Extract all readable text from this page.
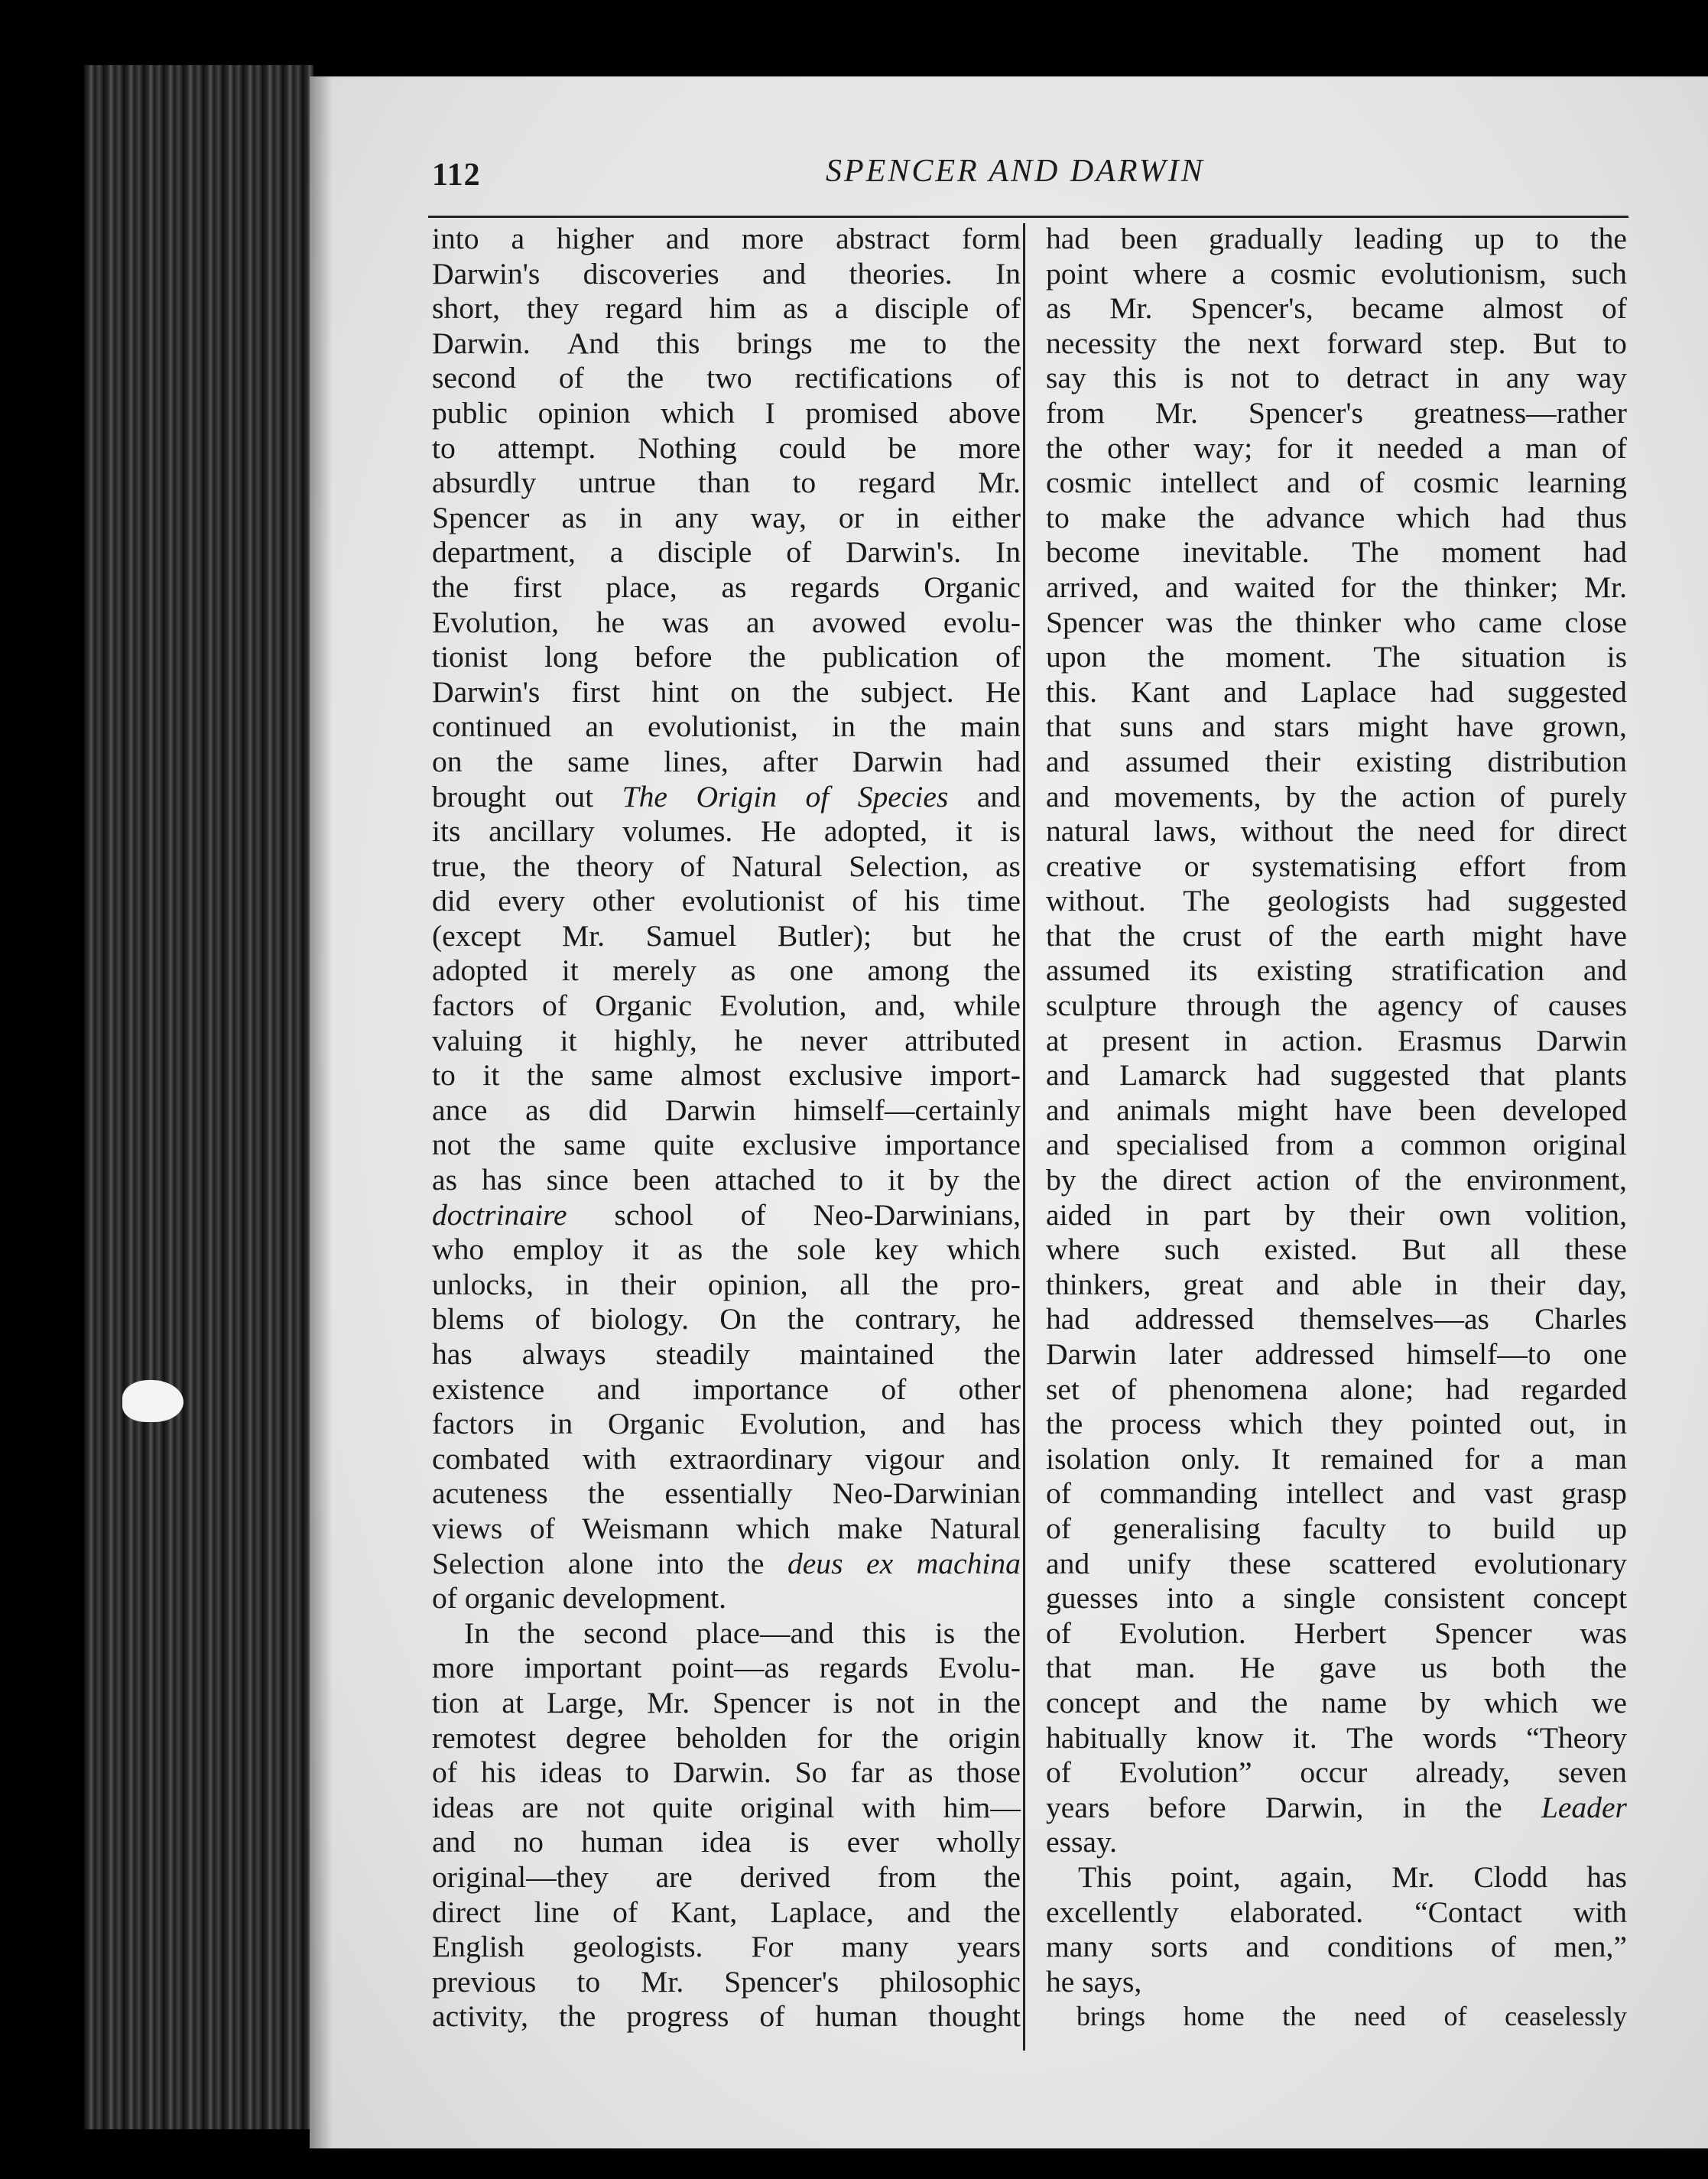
112	SPENCER AND DARWIN
into a higher and more abstract form
Darwin's discoveries and theories. In
short, they regard him as a disciple of
Darwin. And this brings me to the
second of the two rectifications of
public opinion which I promised above
to attempt. Nothing could be more
absurdly untrue than to regard Mr.
Spencer as in any way, or in either
department, a disciple of Darwin's. In
the first place, as regards Organic
Evolution, he was an avowed evolu-
tionist long before the publication of
Darwin's first hint on the subject. He
continued an evolutionist, in the main
on the same lines, after Darwin had
brought out The Origin of Species and
its ancillary volumes. He adopted, it is
true, the theory of Natural Selection, as
did every other evolutionist of his time
(except Mr. Samuel Butler); but he
adopted it merely as one among the
factors of Organic Evolution, and, while
valuing it highly, he never attributed
to it the same almost exclusive import-
ance as did Darwin himself—certainly
not the same quite exclusive importance
as has since been attached to it by the
doctrinaire school of Neo-Darwinians,
who employ it as the sole key which
unlocks, in their opinion, all the pro-
blems of biology. On the contrary, he
has always steadily maintained the
existence and importance of other
factors in Organic Evolution, and has
combated with extraordinary vigour and
acuteness the essentially Neo-Darwinian
views of Weismann which make Natural
Selection alone into the deus ex machina
of organic development.
In the second place—and this is the
more important point—as regards Evolu-
tion at Large, Mr. Spencer is not in the
remotest degree beholden for the origin
of his ideas to Darwin. So far as those
ideas are not quite original with him—
and no human idea is ever wholly
original—they are derived from the
direct line of Kant, Laplace, and the
English geologists. For many years
previous to Mr. Spencer's philosophic
activity, the progress of human thought
had been gradually leading up to the
point where a cosmic evolutionism, such
as Mr. Spencer's, became almost of
necessity the next forward step. But to
say this is not to detract in any way
from Mr. Spencer's greatness—rather
the other way; for it needed a man of
cosmic intellect and of cosmic learning
to make the advance which had thus
become inevitable. The moment had
arrived, and waited for the thinker; Mr.
Spencer was the thinker who came close
upon the moment. The situation is
this. Kant and Laplace had suggested
that suns and stars might have grown,
and assumed their existing distribution
and movements, by the action of purely
natural laws, without the need for direct
creative or systematising effort from
without. The geologists had suggested
that the crust of the earth might have
assumed its existing stratification and
sculpture through the agency of causes
at present in action. Erasmus Darwin
and Lamarck had suggested that plants
and animals might have been developed
and specialised from a common original
by the direct action of the environment,
aided in part by their own volition,
where such existed. But all these
thinkers, great and able in their day,
had addressed themselves—as Charles
Darwin later addressed himself—to one
set of phenomena alone; had regarded
the process which they pointed out, in
isolation only. It remained for a man
of commanding intellect and vast grasp
of generalising faculty to build up
and unify these scattered evolutionary
guesses into a single consistent concept
of Evolution. Herbert Spencer was
that man. He gave us both the
concept and the name by which we
habitually know it. The words “Theory
of Evolution” occur already, seven
years before Darwin, in the Leader
essay.
This point, again, Mr. Clodd has
excellently elaborated. “Contact with
many sorts and conditions of men,”
he says,
brings home the need of ceaselessly
